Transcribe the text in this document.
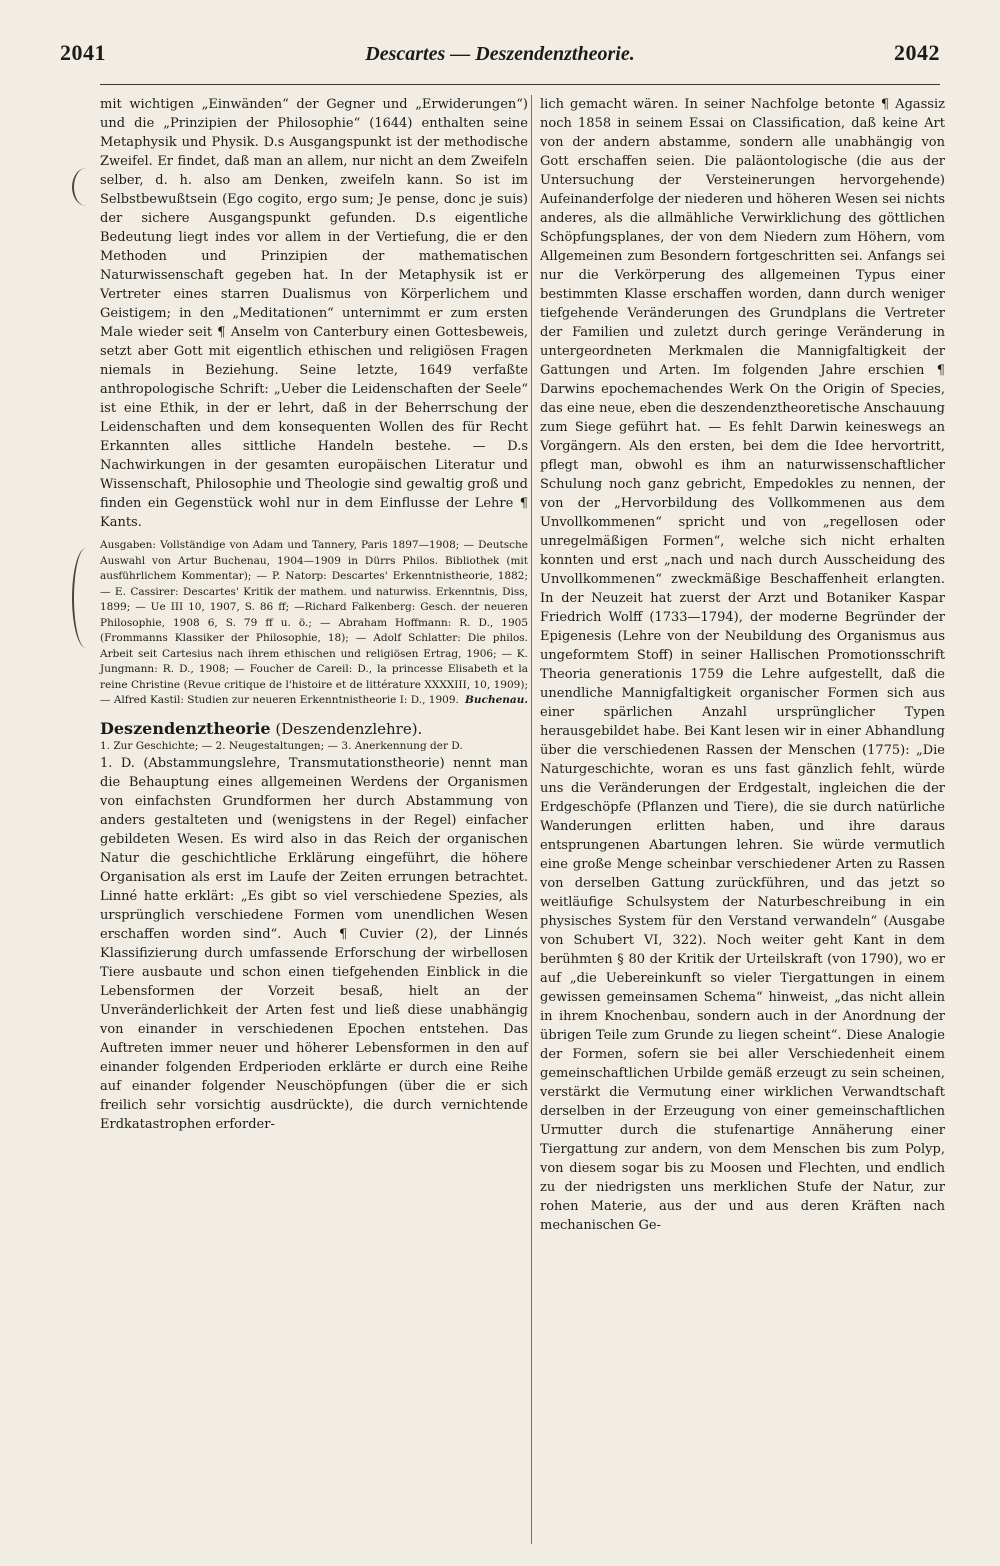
2041	Descartes — Deszendenztheorie.	2042

mit wichtigen „Einwänden“ der Gegner und „Erwiderungen“) und die „Prinzipien der Philosophie“ (1644) enthalten seine Metaphysik und Physik. D.s Ausgangspunkt ist der methodische Zweifel. Er findet, daß man an allem, nur nicht an dem Zweifeln selber, d. h. also am Denken, zweifeln kann. So ist im Selbstbewußtsein (Ego cogito, ergo sum; Je pense, donc je suis) der sichere Ausgangspunkt gefunden. D.s eigentliche Bedeutung liegt indes vor allem in der Vertiefung, die er den Methoden und Prinzipien der mathematischen Naturwissenschaft gegeben hat. In der Metaphysik ist er Vertreter eines starren Dualismus von Körperlichem und Geistigem; in den „Meditationen“ unternimmt er zum ersten Male wieder seit ¶ Anselm von Canterbury einen Gottesbeweis, setzt aber Gott mit eigentlich ethischen und religiösen Fragen niemals in Beziehung. Seine letzte, 1649 verfaßte anthropologische Schrift: „Ueber die Leidenschaften der Seele“ ist eine Ethik, in der er lehrt, daß in der Beherrschung der Leidenschaften und dem konsequenten Wollen des für Recht Erkannten alles sittliche Handeln bestehe. — D.s Nachwirkungen in der gesamten europäischen Literatur und Wissenschaft, Philosophie und Theologie sind gewaltig groß und finden ein Gegenstück wohl nur in dem Einflusse der Lehre ¶ Kants.

Ausgaben: Vollständige von Adam und Tannery, Paris 1897—1908; — Deutsche Auswahl von Artur Buchenau, 1904—1909 in Dürrs Philos. Bibliothek (mit ausführlichem Kommentar); — P. Natorp: Descartes' Erkenntnistheorie, 1882; — E. Cassirer: Descartes' Kritik der mathem. und naturwiss. Erkenntnis, Diss, 1899; — Ue III 10, 1907, S. 86 ff; —Richard Falkenberg: Gesch. der neueren Philosophie, 1908 6, S. 79 ff u. ö.; — Abraham Hoffmann: R. D., 1905 (Frommanns Klassiker der Philosophie, 18); — Adolf Schlatter: Die philos. Arbeit seit Cartesius nach ihrem ethischen und religiösen Ertrag, 1906; — K. Jungmann: R. D., 1908; — Foucher de Careil: D., la princesse Elisabeth et la reine Christine (Revue critique de l'histoire et de littérature XXXXIII, 10, 1909); — Alfred Kastil: Studien zur neueren Erkenntnistheorie I: D., 1909. Buchenau.

Deszendenztheorie (Deszendenzlehre).

1. Zur Geschichte; — 2. Neugestaltungen; — 3. Anerkennung der D.

1. D. (Abstammungslehre, Transmutationstheorie) nennt man die Behauptung eines allgemeinen Werdens der Organismen von einfachsten Grundformen her durch Abstammung von anders gestalteten und (wenigstens in der Regel) einfacher gebildeten Wesen. Es wird also in das Reich der organischen Natur die geschichtliche Erklärung eingeführt, die höhere Organisation als erst im Laufe der Zeiten errungen betrachtet. Linné hatte erklärt: „Es gibt so viel verschiedene Spezies, als ursprünglich verschiedene Formen vom unendlichen Wesen erschaffen worden sind“. Auch ¶ Cuvier (2), der Linnés Klassifizierung durch umfassende Erforschung der wirbellosen Tiere ausbaute und schon einen tiefgehenden Einblick in die Lebensformen der Vorzeit besaß, hielt an der Unveränderlichkeit der Arten fest und ließ diese unabhängig von einander in verschiedenen Epochen entstehen. Das Auftreten immer neuer und höherer Lebensformen in den auf einander folgenden Erdperioden erklärte er durch eine Reihe auf einander folgender Neuschöpfungen (über die er sich freilich sehr vorsichtig ausdrückte), die durch vernichtende Erdkatastrophen erforder-

lich gemacht wären. In seiner Nachfolge betonte ¶ Agassiz noch 1858 in seinem Essai on Classification, daß keine Art von der andern abstamme, sondern alle unabhängig von Gott erschaffen seien. Die paläontologische (die aus der Untersuchung der Versteinerungen hervorgehende) Aufeinanderfolge der niederen und höheren Wesen sei nichts anderes, als die allmähliche Verwirklichung des göttlichen Schöpfungsplanes, der von dem Niedern zum Höhern, vom Allgemeinen zum Besondern fortgeschritten sei. Anfangs sei nur die Verkörperung des allgemeinen Typus einer bestimmten Klasse erschaffen worden, dann durch weniger tiefgehende Veränderungen des Grundplans die Vertreter der Familien und zuletzt durch geringe Veränderung in untergeordneten Merkmalen die Mannigfaltigkeit der Gattungen und Arten. Im folgenden Jahre erschien ¶ Darwins epochemachendes Werk On the Origin of Species, das eine neue, eben die deszendenztheoretische Anschauung zum Siege geführt hat. — Es fehlt Darwin keineswegs an Vorgängern. Als den ersten, bei dem die Idee hervortritt, pflegt man, obwohl es ihm an naturwissenschaftlicher Schulung noch ganz gebricht, Empedokles zu nennen, der von der „Hervorbildung des Vollkommenen aus dem Unvollkommenen“ spricht und von „regellosen oder unregelmäßigen Formen“, welche sich nicht erhalten konnten und erst „nach und nach durch Ausscheidung des Unvollkommenen“ zweckmäßige Beschaffenheit erlangten. In der Neuzeit hat zuerst der Arzt und Botaniker Kaspar Friedrich Wolff (1733—1794), der moderne Begründer der Epigenesis (Lehre von der Neubildung des Organismus aus ungeformtem Stoff) in seiner Hallischen Promotionsschrift Theoria generationis 1759 die Lehre aufgestellt, daß die unendliche Mannigfaltigkeit organischer Formen sich aus einer spärlichen Anzahl ursprünglicher Typen herausgebildet habe. Bei Kant lesen wir in einer Abhandlung über die verschiedenen Rassen der Menschen (1775): „Die Naturgeschichte, woran es uns fast gänzlich fehlt, würde uns die Veränderungen der Erdgestalt, ingleichen die der Erdgeschöpfe (Pflanzen und Tiere), die sie durch natürliche Wanderungen erlitten haben, und ihre daraus entsprungenen Abartungen lehren. Sie würde vermutlich eine große Menge scheinbar verschiedener Arten zu Rassen von derselben Gattung zurückführen, und das jetzt so weitläufige Schulsystem der Naturbeschreibung in ein physisches System für den Verstand verwandeln“ (Ausgabe von Schubert VI, 322). Noch weiter geht Kant in dem berühmten § 80 der Kritik der Urteilskraft (von 1790), wo er auf „die Uebereinkunft so vieler Tiergattungen in einem gewissen gemeinsamen Schema“ hinweist, „das nicht allein in ihrem Knochenbau, sondern auch in der Anordnung der übrigen Teile zum Grunde zu liegen scheint“. Diese Analogie der Formen, sofern sie bei aller Verschiedenheit einem gemeinschaftlichen Urbilde gemäß erzeugt zu sein scheinen, verstärkt die Vermutung einer wirklichen Verwandtschaft derselben in der Erzeugung von einer gemeinschaftlichen Urmutter durch die stufenartige Annäherung einer Tiergattung zur andern, von dem Menschen bis zum Polyp, von diesem sogar bis zu Moosen und Flechten, und endlich zu der niedrigsten uns merklichen Stufe der Natur, zur rohen Materie, aus der und aus deren Kräften nach mechanischen Ge-
